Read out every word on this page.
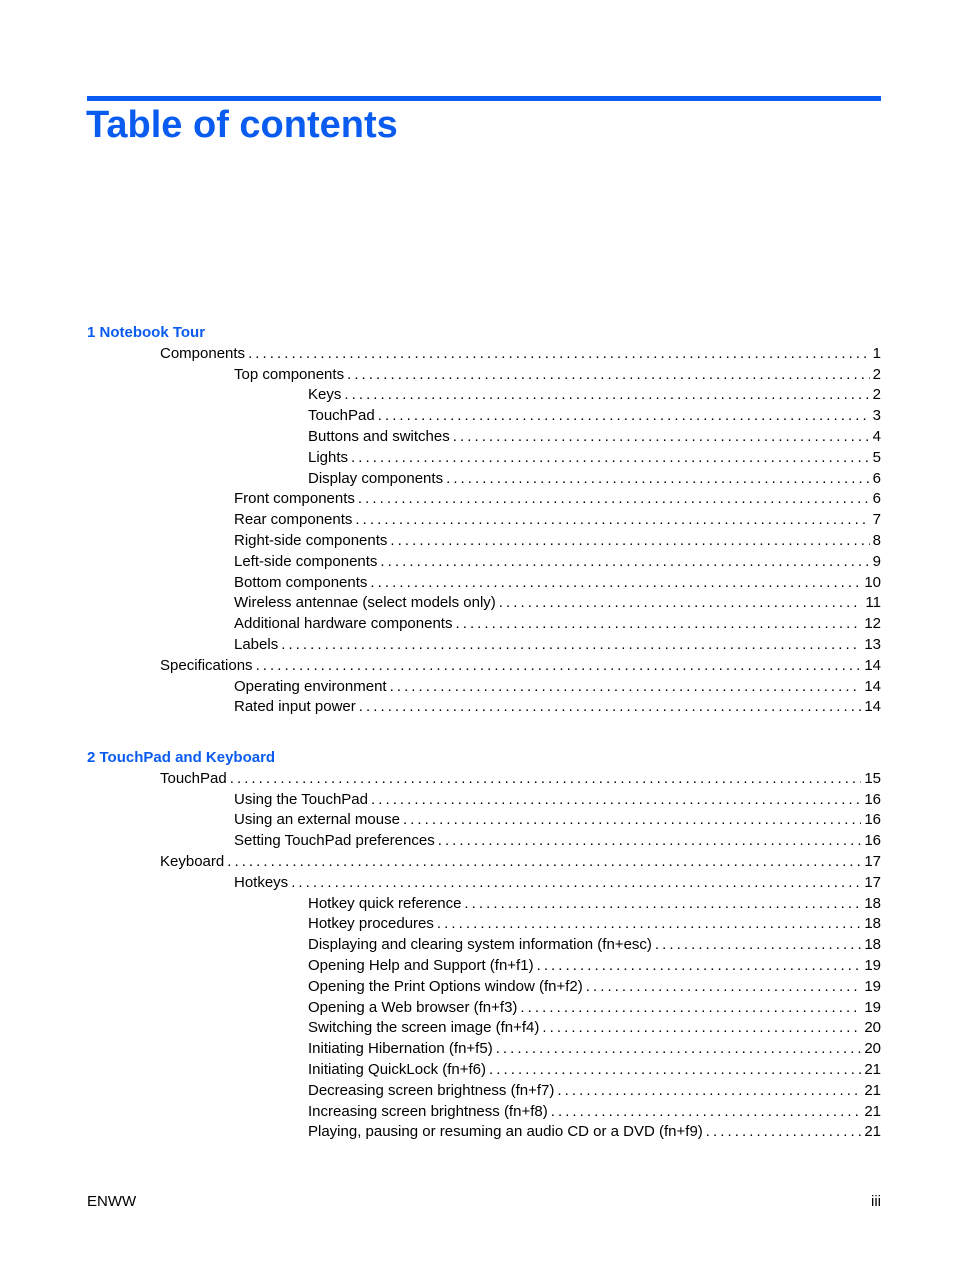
Table of contents
1 Notebook Tour
Components . . .	1
Top components . . .	2
Keys . . .	2
TouchPad . . .	3
Buttons and switches . . .	4
Lights . . .	5
Display components . . .	6
Front components . . .	6
Rear components . . .	7
Right-side components . . .	8
Left-side components . . .	9
Bottom components . . .	10
Wireless antennae (select models only) . . .	11
Additional hardware components . . .	12
Labels . . .	13
Specifications . . .	14
Operating environment . . .	14
Rated input power . . .	14
2 TouchPad and Keyboard
TouchPad . . .	15
Using the TouchPad . . .	16
Using an external mouse . . .	16
Setting TouchPad preferences . . .	16
Keyboard . . .	17
Hotkeys . . .	17
Hotkey quick reference . . .	18
Hotkey procedures . . .	18
Displaying and clearing system information (fn+esc) . . .	18
Opening Help and Support (fn+f1) . . .	19
Opening the Print Options window (fn+f2) . . .	19
Opening a Web browser (fn+f3) . . .	19
Switching the screen image (fn+f4) . . .	20
Initiating Hibernation (fn+f5) . . .	20
Initiating QuickLock (fn+f6) . . .	21
Decreasing screen brightness (fn+f7) . . .	21
Increasing screen brightness (fn+f8) . . .	21
Playing, pausing or resuming an audio CD or a DVD (fn+f9) . . .	21
ENWW	iii
